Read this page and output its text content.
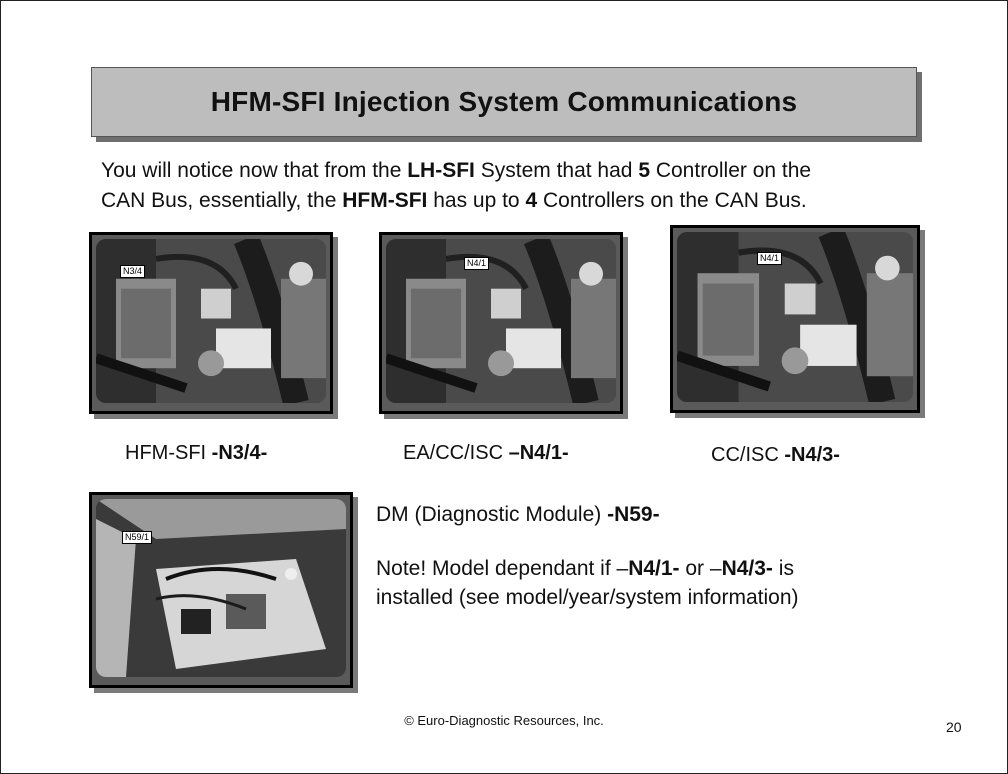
HFM-SFI Injection System Communications
You will notice now that from the LH-SFI System that had 5 Controller on the
CAN Bus, essentially, the HFM-SFI has up to 4 Controllers on the CAN Bus.
N3/4
N4/1	N4/1
HFM-SFI -N3/4-	EA/CC/ISC –N4/1-	CC/ISC -N4/3-
N59/1
DM (Diagnostic Module) -N59-
Note! Model dependant if –N4/1- or –N4/3- is
installed (see model/year/system information)
© Euro-Diagnostic Resources, Inc.	20
